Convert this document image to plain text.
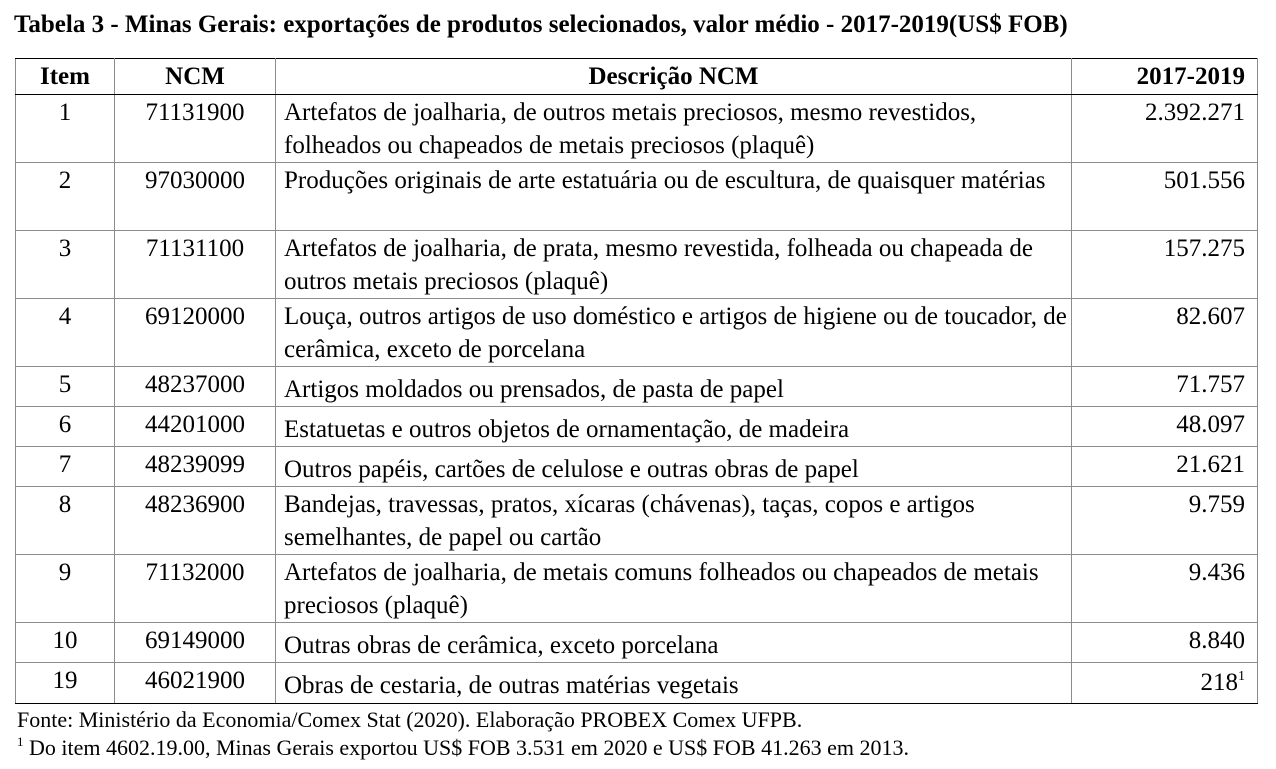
Tabela 3 - Minas Gerais: exportações de produtos selecionados, valor médio - 2017-2019(US$ FOB)
Item	NCM	Descrição NCM	2017-2019

1	71131900	Artefatos de joalharia, de outros metais preciosos, mesmo revestidos, folheados ou chapeados de metais preciosos (plaquê)	2.392.271

2	97030000	Produções originais de arte estatuária ou de escultura, de quaisquer matérias	501.556

3	71131100	Artefatos de joalharia, de prata, mesmo revestida, folheada ou chapeada de outros metais preciosos (plaquê)	157.275

4	69120000	Louça, outros artigos de uso doméstico e artigos de higiene ou de toucador, de cerâmica, exceto de porcelana	82.607

5	48237000	Artigos moldados ou prensados, de pasta de papel	71.757

6	44201000	Estatuetas e outros objetos de ornamentação, de madeira	48.097

7	48239099	Outros papéis, cartões de celulose e outras obras de papel	21.621

8	48236900	Bandejas, travessas, pratos, xícaras (chávenas), taças, copos e artigos semelhantes, de papel ou cartão	9.759

9	71132000	Artefatos de joalharia, de metais comuns folheados ou chapeados de metais preciosos (plaquê)	9.436

10	69149000	Outras obras de cerâmica, exceto porcelana	8.840

19	46021900	Obras de cestaria, de outras matérias vegetais	$218^1$
Fonte: Ministério da Economia/Comex Stat (2020). Elaboração PROBEX Comex UFPB.
$^1$ Do item 4602.19.00, Minas Gerais exportou US$ FOB 3.531 em 2020 e US$ FOB 41.263 em 2013.
